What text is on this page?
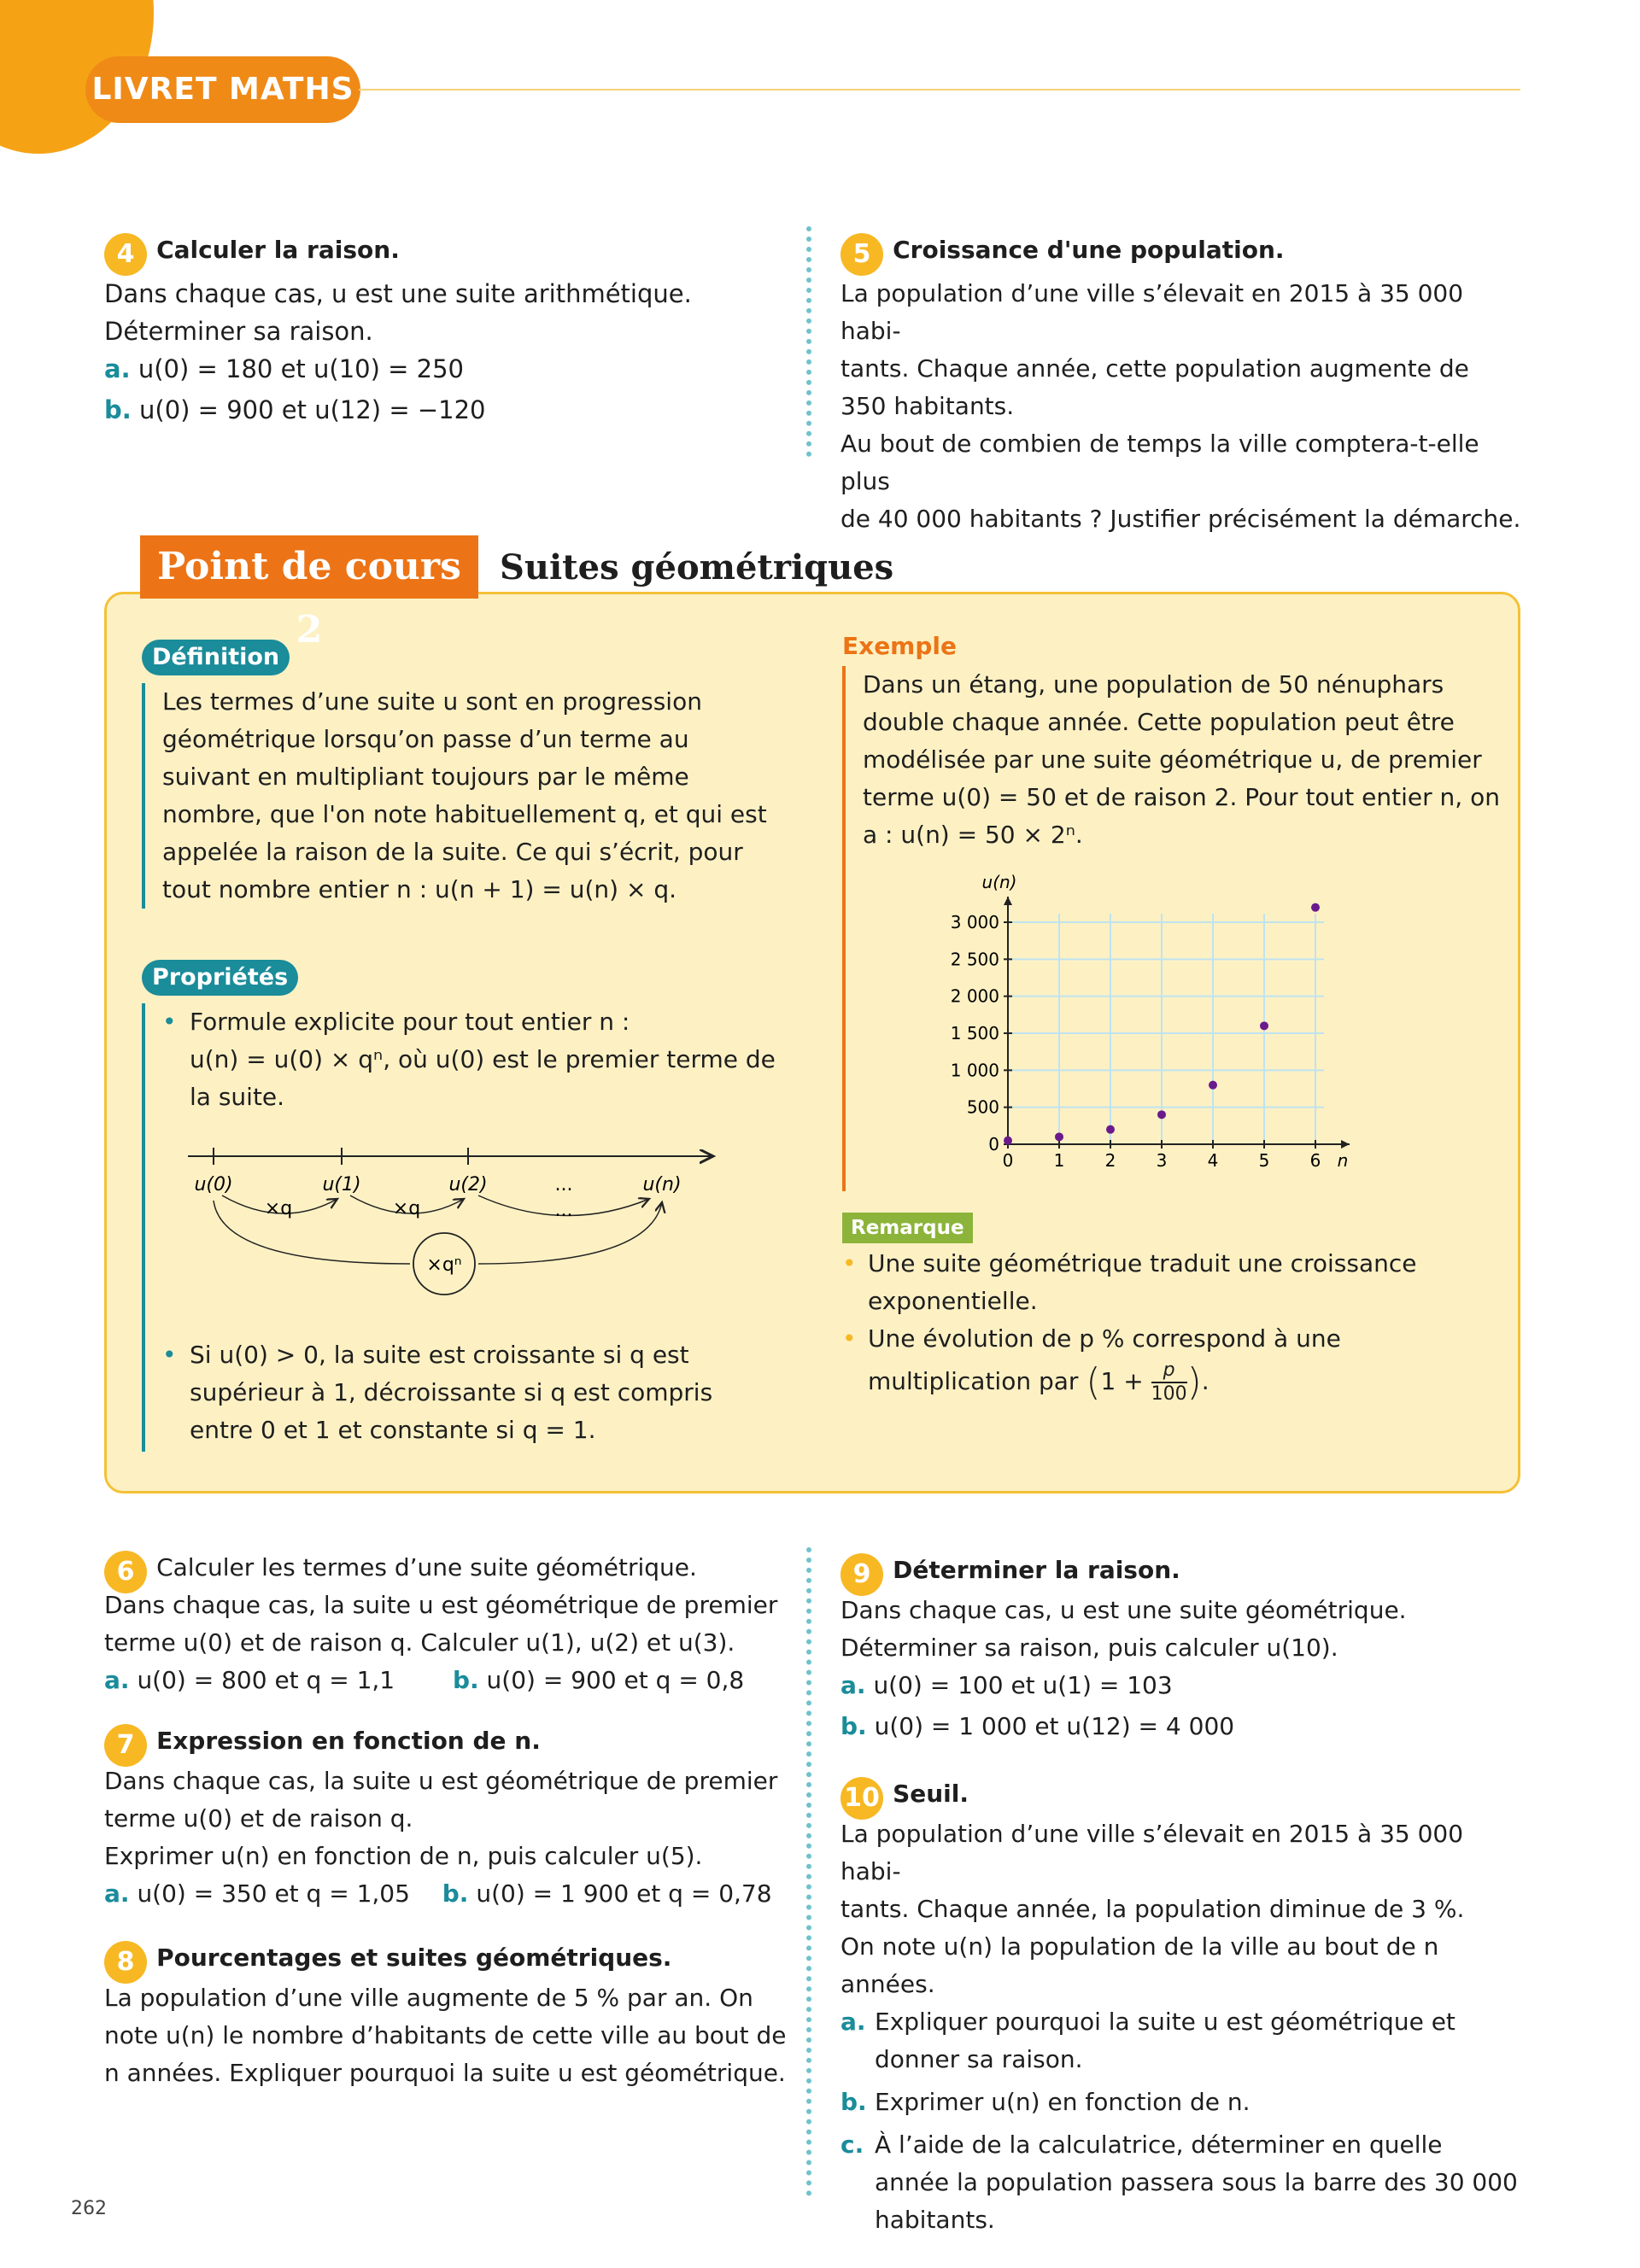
LIVRET MATHS
4 Calculer la raison.
Dans chaque cas, u est une suite arithmétique.
Déterminer sa raison.
a. u(0) = 180 et u(10) = 250
b. u(0) = 900 et u(12) = −120
5 Croissance d'une population.
La population d’une ville s’élevait en 2015 à 35 000 habi-
tants. Chaque année, cette population augmente de
350 habitants.
Au bout de combien de temps la ville comptera-t-elle plus
de 40 000 habitants ? Justifier précisément la démarche.
Point de cours 2
Suites géométriques
Définition
Les termes d’une suite u sont en progression
géométrique lorsqu’on passe d’un terme au
suivant en multipliant toujours par le même
nombre, que l'on note habituellement q, et qui est
appelée la raison de la suite. Ce qui s’écrit, pour
tout nombre entier n : u(n + 1) = u(n) × q.
Propriétés
• Formule explicite pour tout entier n :
u(n) = u(0) × qⁿ, où u(0) est le premier terme de
la suite.
u(0)	u(1)	u(2)	...	u(n)
×q	×q	...
×qⁿ
• Si u(0) > 0, la suite est croissante si q est
supérieur à 1, décroissante si q est compris
entre 0 et 1 et constante si q = 1.
Exemple
Dans un étang, une population de 50 nénuphars
double chaque année. Cette population peut être
modélisée par une suite géométrique u, de premier
terme u(0) = 50 et de raison 2. Pour tout entier n, on
a : u(n) = 50 × 2ⁿ.
0 1 2 3 4 5 6
0
500
1 000
1 500
2 000
2 500
3 000
u(n)
n
Remarque
• Une suite géométrique traduit une croissance
exponentielle.
• Une évolution de p % correspond à une
multiplication par ($1 + \frac{p}{100}$ ).
6 Calculer les termes d’une suite géométrique.
Dans chaque cas, la suite u est géométrique de premier
terme u(0) et de raison q. Calculer u(1), u(2) et u(3).
a. u(0) = 800 et q = 1,1 b. u(0) = 900 et q = 0,8
7 Expression en fonction de n.
Dans chaque cas, la suite u est géométrique de premier
terme u(0) et de raison q.
Exprimer u(n) en fonction de n, puis calculer u(5).
a. u(0) = 350 et q = 1,05 b. u(0) = 1 900 et q = 0,78
8 Pourcentages et suites géométriques.
La population d’une ville augmente de 5 % par an. On
note u(n) le nombre d’habitants de cette ville au bout de
n années. Expliquer pourquoi la suite u est géométrique.
9 Déterminer la raison.
Dans chaque cas, u est une suite géométrique.
Déterminer sa raison, puis calculer u(10).
a. u(0) = 100 et u(1) = 103
b. u(0) = 1 000 et u(12) = 4 000
10 Seuil.
La population d’une ville s’élevait en 2015 à 35 000 habi-
tants. Chaque année, la population diminue de 3 %.
On note u(n) la population de la ville au bout de n années.
a. Expliquer pourquoi la suite u est géométrique et
donner sa raison.
b. Exprimer u(n) en fonction de n.
c. À l’aide de la calculatrice, déterminer en quelle
année la population passera sous la barre des 30 000
habitants.
262
